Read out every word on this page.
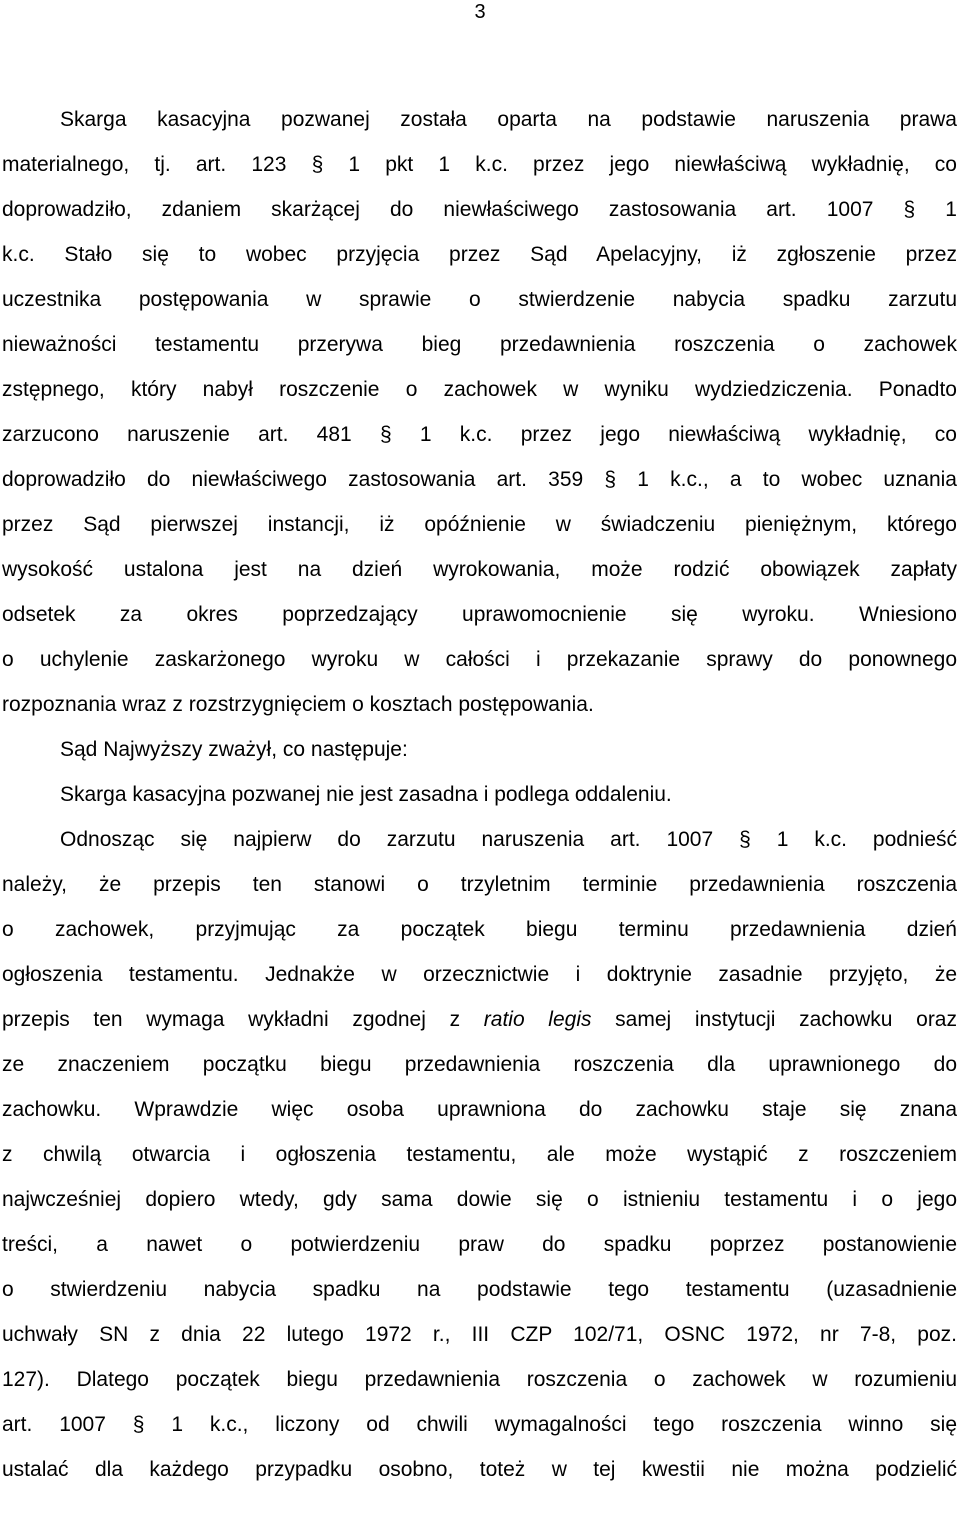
3
Skarga kasacyjna pozwanej została oparta na podstawie naruszenia prawa
materialnego, tj. art. 123 § 1 pkt 1 k.c. przez jego niewłaściwą wykładnię, co
doprowadziło, zdaniem skarżącej do niewłaściwego zastosowania art. 1007 § 1
k.c. Stało się to wobec przyjęcia przez Sąd Apelacyjny, iż zgłoszenie przez
uczestnika postępowania w sprawie o stwierdzenie nabycia spadku zarzutu
nieważności testamentu przerywa bieg przedawnienia roszczenia o zachowek
zstępnego, który nabył roszczenie o zachowek w wyniku wydziedziczenia. Ponadto
zarzucono naruszenie art. 481 § 1 k.c. przez jego niewłaściwą wykładnię, co
doprowadziło do niewłaściwego zastosowania art. 359 § 1 k.c., a to wobec uznania
przez Sąd pierwszej instancji, iż opóźnienie w świadczeniu pieniężnym, którego
wysokość ustalona jest na dzień wyrokowania, może rodzić obowiązek zapłaty
odsetek za okres poprzedzający uprawomocnienie się wyroku. Wniesiono
o uchylenie zaskarżonego wyroku w całości i przekazanie sprawy do ponownego
rozpoznania wraz z rozstrzygnięciem o kosztach postępowania.
Sąd Najwyższy zważył, co następuje:
Skarga kasacyjna pozwanej nie jest zasadna i podlega oddaleniu.
Odnosząc się najpierw do zarzutu naruszenia art. 1007 § 1 k.c. podnieść
należy, że przepis ten stanowi o trzyletnim terminie przedawnienia roszczenia
o zachowek, przyjmując za początek biegu terminu przedawnienia dzień
ogłoszenia testamentu. Jednakże w orzecznictwie i doktrynie zasadnie przyjęto, że
przepis ten wymaga wykładni zgodnej z ratio legis samej instytucji zachowku oraz
ze znaczeniem początku biegu przedawnienia roszczenia dla uprawnionego do
zachowku. Wprawdzie więc osoba uprawniona do zachowku staje się znana
z chwilą otwarcia i ogłoszenia testamentu, ale może wystąpić z roszczeniem
najwcześniej dopiero wtedy, gdy sama dowie się o istnieniu testamentu i o jego
treści, a nawet o potwierdzeniu praw do spadku poprzez postanowienie
o stwierdzeniu nabycia spadku na podstawie tego testamentu (uzasadnienie
uchwały SN z dnia 22 lutego 1972 r., III CZP 102/71, OSNC 1972, nr 7-8, poz.
127). Dlatego początek biegu przedawnienia roszczenia o zachowek w rozumieniu
art. 1007 § 1 k.c., liczony od chwili wymagalności tego roszczenia winno się
ustalać dla każdego przypadku osobno, toteż w tej kwestii nie można podzielić
